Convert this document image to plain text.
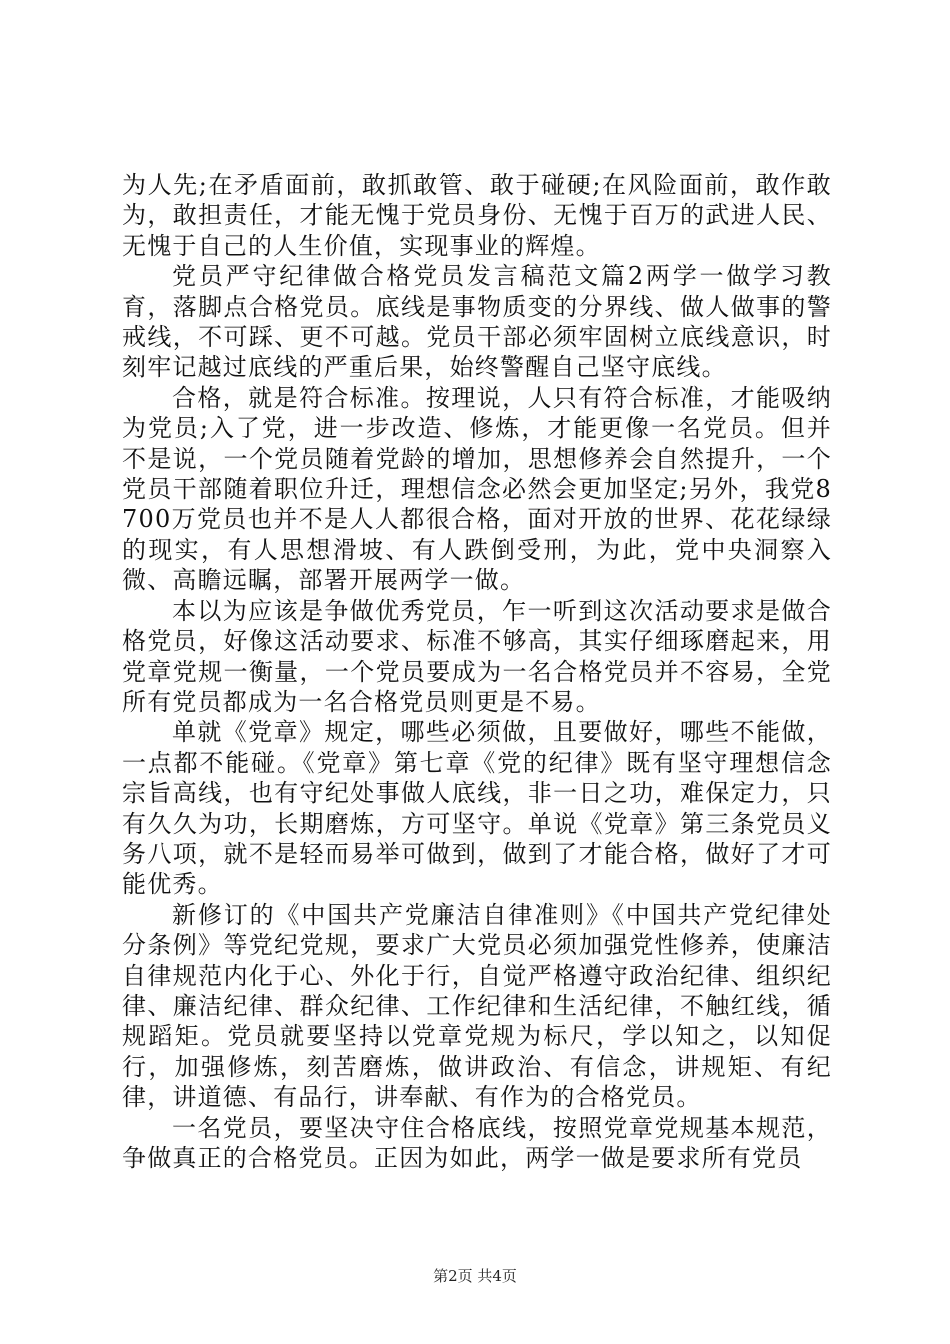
为人先;在矛盾面前，敢抓敢管、敢于碰硬;在风险面前，敢作敢为，敢担责任，才能无愧于党员身份、无愧于百万的武进人民、无愧于自己的人生价值，实现事业的辉煌。

党员严守纪律做合格党员发言稿范文篇2两学一做学习教育，落脚点合格党员。底线是事物质变的分界线、做人做事的警戒线，不可踩、更不可越。党员干部必须牢固树立底线意识，时刻牢记越过底线的严重后果，始终警醒自己坚守底线。

合格，就是符合标准。按理说，人只有符合标准，才能吸纳为党员;入了党，进一步改造、修炼，才能更像一名党员。但并不是说，一个党员随着党龄的增加，思想修养会自然提升，一个党员干部随着职位升迁，理想信念必然会更加坚定;另外，我党8700万党员也并不是人人都很合格，面对开放的世界、花花绿绿的现实，有人思想滑坡、有人跌倒受刑，为此，党中央洞察入微、高瞻远瞩，部署开展两学一做。

本以为应该是争做优秀党员，乍一听到这次活动要求是做合格党员，好像这活动要求、标准不够高，其实仔细琢磨起来，用党章党规一衡量，一个党员要成为一名合格党员并不容易，全党所有党员都成为一名合格党员则更是不易。

单就《党章》规定，哪些必须做，且要做好，哪些不能做，一点都不能碰。《党章》第七章《党的纪律》既有坚守理想信念宗旨高线，也有守纪处事做人底线，非一日之功，难保定力，只有久久为功，长期磨炼，方可坚守。单说《党章》第三条党员义务八项，就不是轻而易举可做到，做到了才能合格，做好了才可能优秀。

新修订的《中国共产党廉洁自律准则》《中国共产党纪律处分条例》等党纪党规，要求广大党员必须加强党性修养，使廉洁自律规范内化于心、外化于行，自觉严格遵守政治纪律、组织纪律、廉洁纪律、群众纪律、工作纪律和生活纪律，不触红线，循规蹈矩。党员就要坚持以党章党规为标尺，学以知之，以知促行，加强修炼，刻苦磨炼，做讲政治、有信念，讲规矩、有纪律，讲道德、有品行，讲奉献、有作为的合格党员。

一名党员，要坚决守住合格底线，按照党章党规基本规范，争做真正的合格党员。正因为如此，两学一做是要求所有党员

第2页 共4页
